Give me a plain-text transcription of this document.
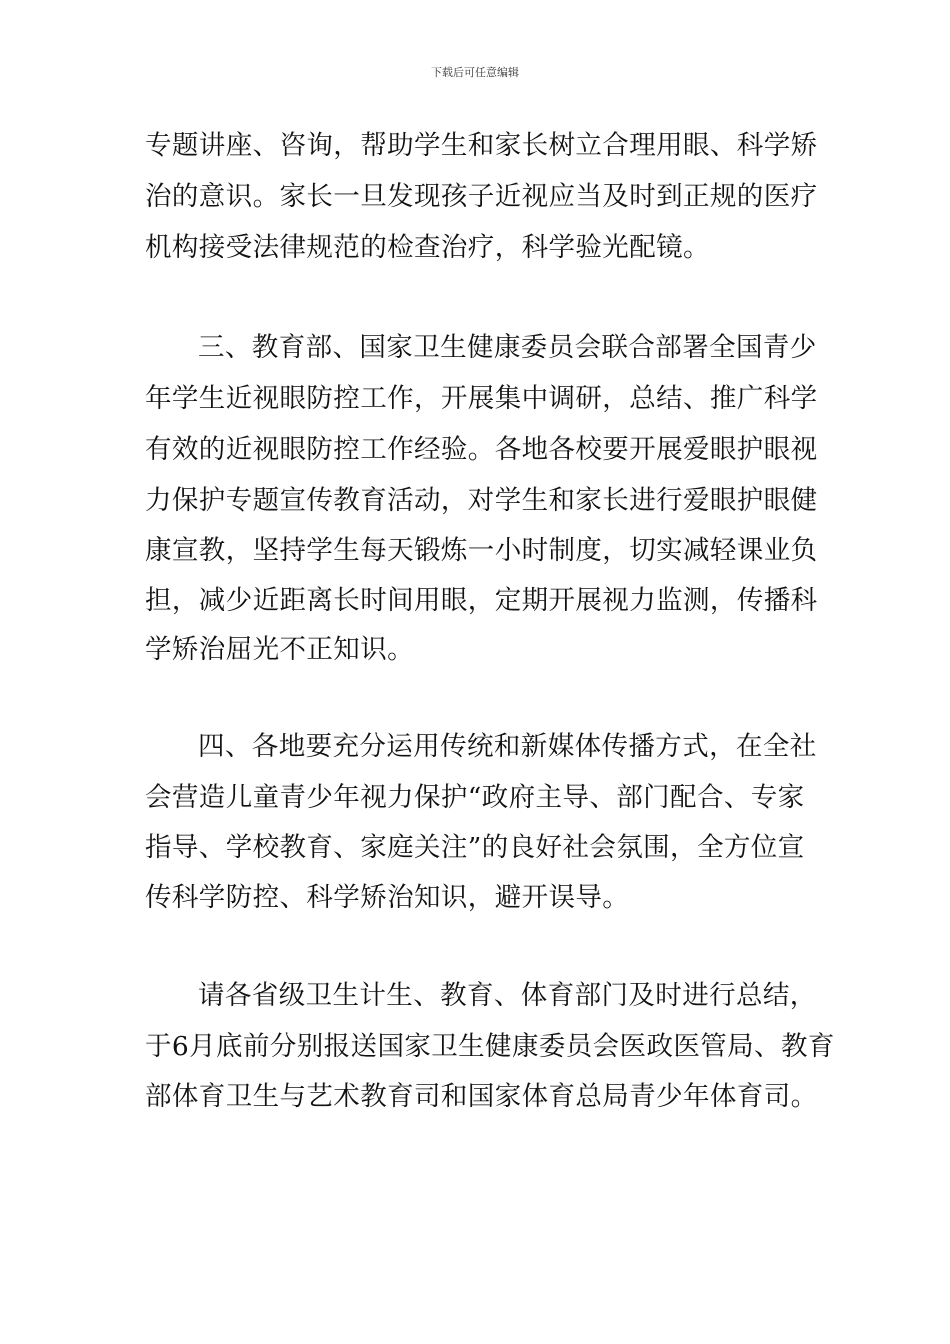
下载后可任意编辑
专题讲座、咨询，帮助学生和家长树立合理用眼、科学矫
治的意识。家长一旦发现孩子近视应当及时到正规的医疗
机构接受法律规范的检查治疗，科学验光配镜。
三、教育部、国家卫生健康委员会联合部署全国青少
年学生近视眼防控工作，开展集中调研，总结、推广科学
有效的近视眼防控工作经验。各地各校要开展爱眼护眼视
力保护专题宣传教育活动，对学生和家长进行爱眼护眼健
康宣教，坚持学生每天锻炼一小时制度，切实减轻课业负
担，减少近距离长时间用眼，定期开展视力监测，传播科
学矫治屈光不正知识。
四、各地要充分运用传统和新媒体传播方式，在全社
会营造儿童青少年视力保护“政府主导、部门配合、专家
指导、学校教育、家庭关注”的良好社会氛围，全方位宣
传科学防控、科学矫治知识，避开误导。
请各省级卫生计生、教育、体育部门及时进行总结，
于6月底前分别报送国家卫生健康委员会医政医管局、教育
部体育卫生与艺术教育司和国家体育总局青少年体育司。
